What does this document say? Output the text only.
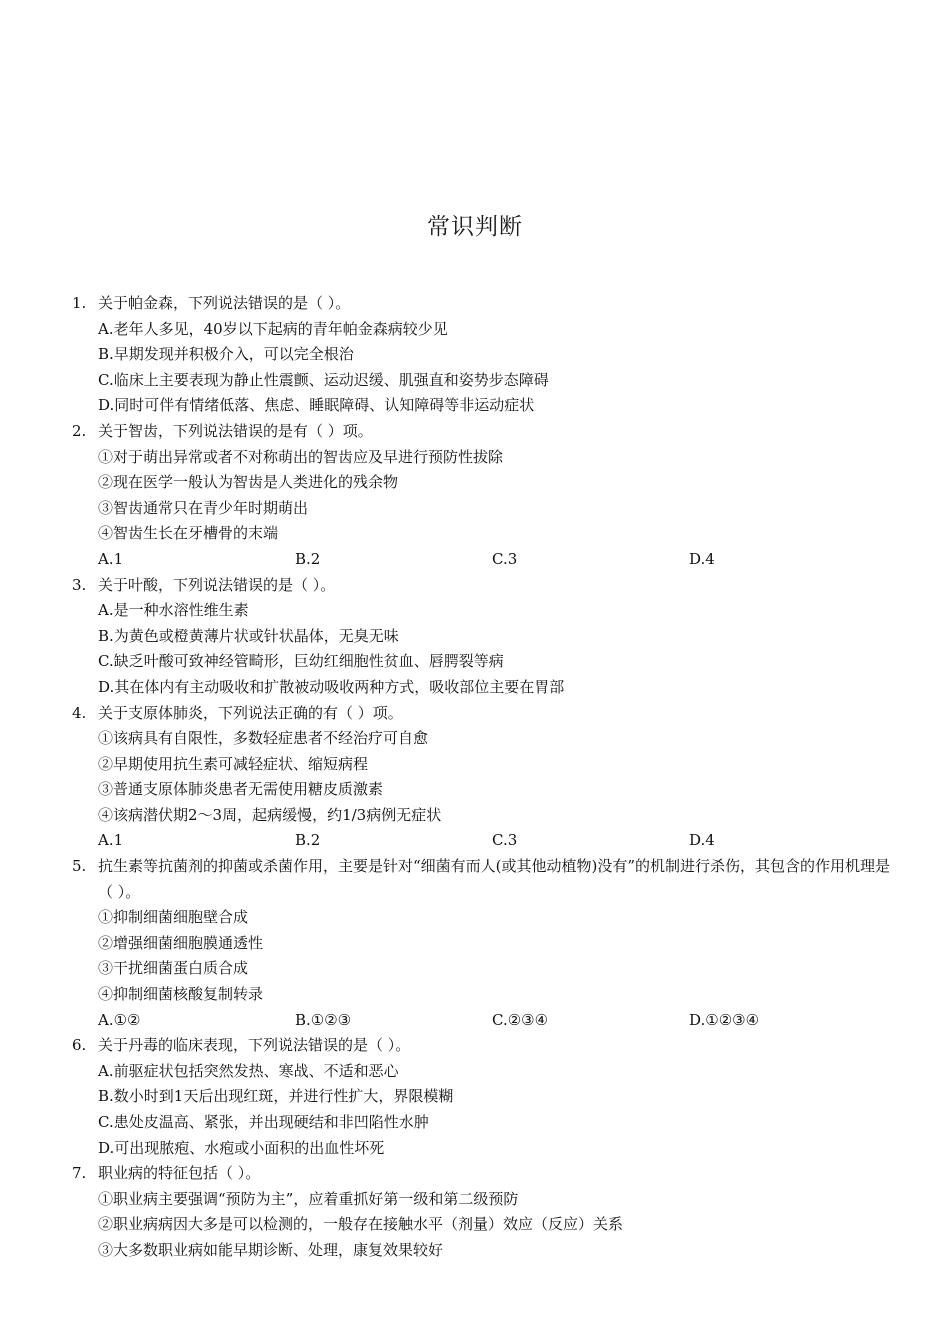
常识判断
1. 关于帕金森，下列说法错误的是（ ）。
A.老年人多见，40岁以下起病的青年帕金森病较少见
B.早期发现并积极介入，可以完全根治
C.临床上主要表现为静止性震颤、运动迟缓、肌强直和姿势步态障碍
D.同时可伴有情绪低落、焦虑、睡眠障碍、认知障碍等非运动症状
2. 关于智齿，下列说法错误的是有（ ）项。
①对于萌出异常或者不对称萌出的智齿应及早进行预防性拔除
②现在医学一般认为智齿是人类进化的残余物
③智齿通常只在青少年时期萌出
④智齿生长在牙槽骨的末端
A.1	B.2	C.3	D.4
3. 关于叶酸，下列说法错误的是（ ）。
A.是一种水溶性维生素
B.为黄色或橙黄薄片状或针状晶体，无臭无味
C.缺乏叶酸可致神经管畸形，巨幼红细胞性贫血、唇腭裂等病
D.其在体内有主动吸收和扩散被动吸收两种方式，吸收部位主要在胃部
4. 关于支原体肺炎，下列说法正确的有（ ）项。
①该病具有自限性，多数轻症患者不经治疗可自愈
②早期使用抗生素可减轻症状、缩短病程
③普通支原体肺炎患者无需使用糖皮质激素
④该病潜伏期2～3周，起病缓慢，约1/3病例无症状
A.1	B.2	C.3	D.4
5. 抗生素等抗菌剂的抑菌或杀菌作用，主要是针对“细菌有而人(或其他动植物)没有”的机制进行杀伤，其包含的作用机理是（ ）。
①抑制细菌细胞壁合成
②增强细菌细胞膜通透性
③干扰细菌蛋白质合成
④抑制细菌核酸复制转录
A.①②	B.①②③	C.②③④	D.①②③④
6. 关于丹毒的临床表现，下列说法错误的是（ ）。
A.前驱症状包括突然发热、寒战、不适和恶心
B.数小时到1天后出现红斑，并进行性扩大，界限模糊
C.患处皮温高、紧张，并出现硬结和非凹陷性水肿
D.可出现脓疱、水疱或小面积的出血性坏死
7. 职业病的特征包括（ ）。
①职业病主要强调“预防为主”，应着重抓好第一级和第二级预防
②职业病病因大多是可以检测的，一般存在接触水平（剂量）效应（反应）关系
③大多数职业病如能早期诊断、处理，康复效果较好
